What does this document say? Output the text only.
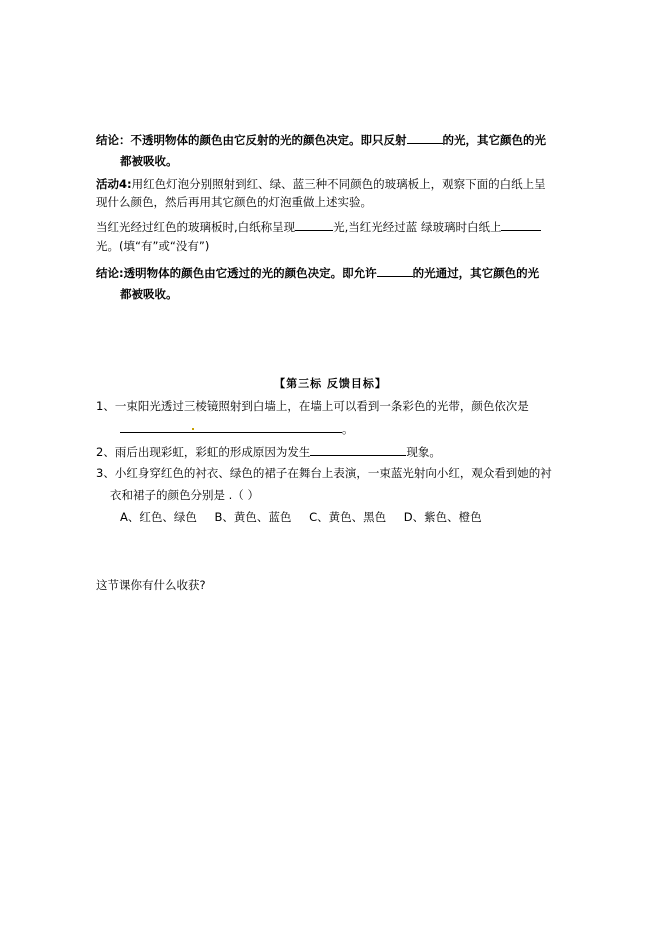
结论：不透明物体的颜色由它反射的光的颜色决定。即只反射	的光，其它颜色的光
都被吸收。
活动4:用红色灯泡分别照射到红、绿、蓝三种不同颜色的玻璃板上，观察下面的白纸上呈
现什么颜色，然后再用其它颜色的灯泡重做上述实验。
当红光经过红色的玻璃板时,白纸称呈现	光,当红光经过蓝 绿玻璃时白纸上
光。(填“有”或“没有”)
结论:透明物体的颜色由它透过的光的颜色决定。即允许	的光通过，其它颜色的光
都被吸收。
【第三标 反馈目标】
1、一束阳光透过三棱镜照射到白墙上，在墙上可以看到一条彩色的光带，颜色依次是
。
2、雨后出现彩虹，彩虹的形成原因为发生	现象。
3、小红身穿红色的衬衣、绿色的裙子在舞台上表演，一束蓝光射向小红，观众看到她的衬
衣和裙子的颜色分别是 .（ ）
A、红色、绿色 B、黄色、蓝色 C、黄色、黑色 D、紫色、橙色
这节课你有什么收获?
